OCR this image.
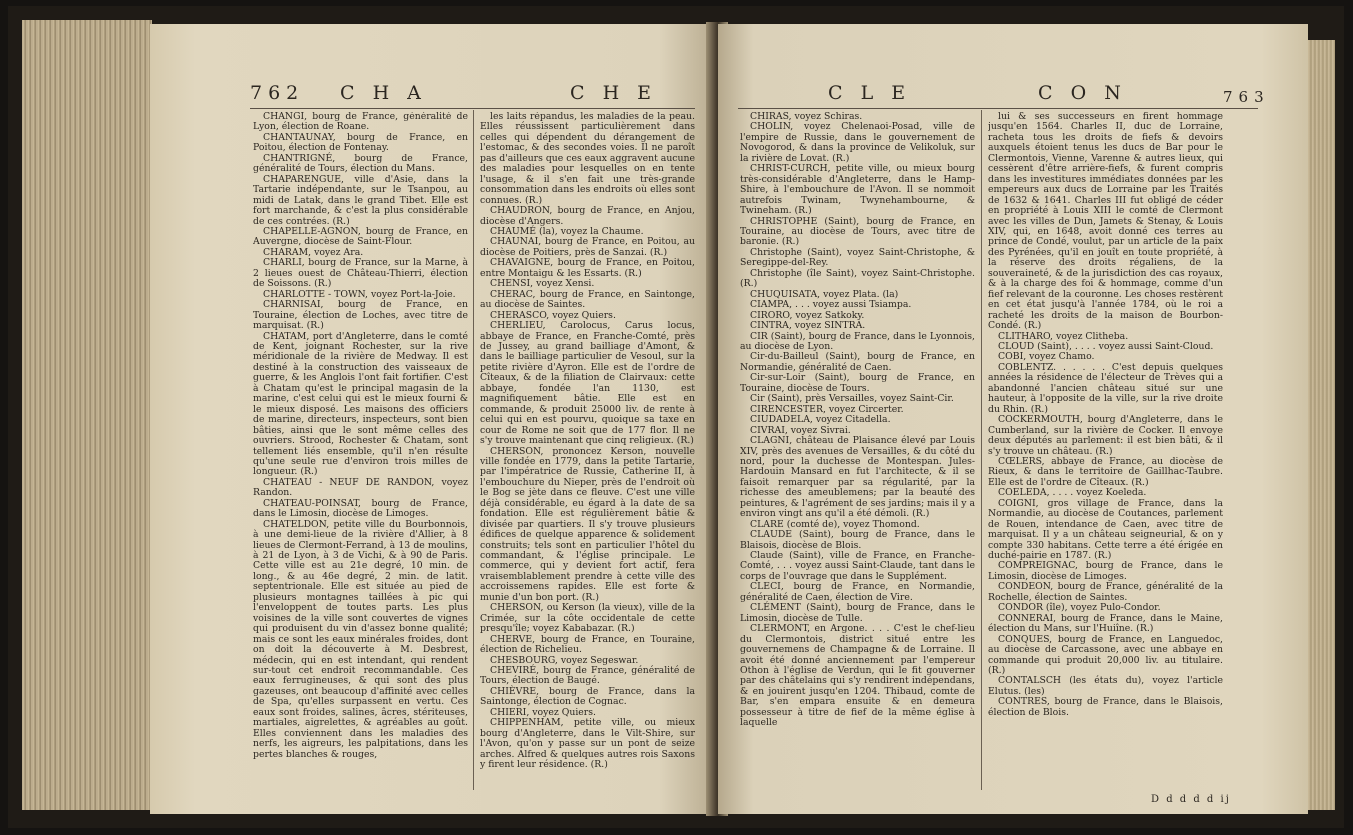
762 C H A	C H E

CHANGI, bourg de France, généralité de Lyon, élection de Roane.

CHANTAUNAY, bourg de France, en Poitou, élection de Fontenay.

CHANTRIGNÉ, bourg de France, généralité de Tours, élection du Mans.

CHAPARENGUE, ville d'Asie, dans la Tartarie indépendante, sur le Tsanpou, au midi de Latak, dans le grand Tibet. Elle est fort marchande, & c'est la plus considérable de ces contrées. (R.)

CHAPELLE-AGNON, bourg de France, en Auvergne, diocèse de Saint-Flour.

CHARAM, voyez Ara.

CHARLI, bourg de France, sur la Marne, à 2 lieues ouest de Château-Thierri, élection de Soissons. (R.)

CHARLOTTE - TOWN, voyez Port-la-Joie.

CHARNISAI, bourg de France, en Touraine, élection de Loches, avec titre de marquisat. (R.)

CHATAM, port d'Angleterre, dans le comté de Kent, joignant Rochester, sur la rive méridionale de la rivière de Medway. Il est destiné à la construction des vaisseaux de guerre, & les Anglois l'ont fait fortifier. C'est à Chatam qu'est le principal magasin de la marine, c'est celui qui est le mieux fourni & le mieux disposé. Les maisons des officiers de marine, directeurs, inspecteurs, sont bien bâties, ainsi que le sont même celles des ouvriers. Strood, Rochester & Chatam, sont tellement liés ensemble, qu'il n'en résulte qu'une seule rue d'environ trois milles de longueur. (R.)

CHATEAU - NEUF DE RANDON, voyez Randon.

CHATEAU-POINSAT, bourg de France, dans le Limosin, diocèse de Limoges.

CHATELDON, petite ville du Bourbonnois, à une demi-lieue de la rivière d'Allier, à 8 lieues de Clermont-Ferrand, à 13 de moulins, à 21 de Lyon, à 3 de Vichi, & à 90 de Paris. Cette ville est au 21e degré, 10 min. de long., & au 46e degré, 2 min. de latit. septentrionale. Elle est située au pied de plusieurs montagnes taillées à pic qui l'enveloppent de toutes parts. Les plus voisines de la ville sont couvertes de vignes qui produisent du vin d'assez bonne qualité; mais ce sont les eaux minérales froides, dont on doit la découverte à M. Desbrest, médecin, qui en est intendant, qui rendent sur-tout cet endroit recommandable. Ces eaux ferrugineuses, & qui sont des plus gazeuses, ont beaucoup d'affinité avec celles de Spa, qu'elles surpassent en vertu. Ces eaux sont froides, salines, âcres, stériteuses, martiales, aigrelettes, & agréables au goût. Elles conviennent dans les maladies des nerfs, les aigreurs, les palpitations, dans les pertes blanches & rouges,

les laits répandus, les maladies de la peau. Elles réussissent particulièrement dans celles qui dépendent du dérangement de l'estomac, & des secondes voies. Il ne paroît pas d'ailleurs que ces eaux aggravent aucune des maladies pour lesquelles on en tente l'usage, & il s'en fait une très-grande consommation dans les endroits où elles sont connues. (R.)

CHAUDRON, bourg de France, en Anjou, diocèse d'Angers.

CHAUMÉ (la), voyez la Chaume.

CHAUNAI, bourg de France, en Poitou, au diocèse de Poitiers, près de Sanzai. (R.)

CHAVAIGNE, bourg de France, en Poitou, entre Montaigu & les Essarts. (R.)

CHENSI, voyez Xensi.

CHERAC, bourg de France, en Saintonge, au diocèse de Saintes.

CHERASCO, voyez Quiers.

CHERLIEU, Carolocus, Carus locus, abbaye de France, en Franche-Comté, près de Jussey, au grand bailliage d'Amont, & dans le bailliage particulier de Vesoul, sur la petite rivière d'Ayron. Elle est de l'ordre de Cîteaux, & de la filiation de Clairvaux: cette abbaye, fondée l'an 1130, est magnifiquement bâtie. Elle est en commande, & produit 25000 liv. de rente à celui qui en est pourvu, quoique sa taxe en cour de Rome ne soit que de 177 flor. Il ne s'y trouve maintenant que cinq religieux. (R.)

CHERSON, prononcez Kerson, nouvelle ville fondée en 1779, dans la petite Tartarie, par l'impératrice de Russie, Catherine II, à l'embouchure du Nieper, près de l'endroit où le Bog se jète dans ce fleuve. C'est une ville déjà considérable, eu égard à la date de sa fondation. Elle est régulièrement bâtie & divisée par quartiers. Il s'y trouve plusieurs édifices de quelque apparence & solidement construits; tels sont en particulier l'hôtel du commandant, & l'église principale. Le commerce, qui y devient fort actif, fera vraisemblablement prendre à cette ville des accroissemens rapides. Elle est forte & munie d'un bon port. (R.)

CHERSON, ou Kerson (la vieux), ville de la Crimée, sur la côte occidentale de cette presqu'île; voyez Kababazar. (R.)

CHERVE, bourg de France, en Touraine, élection de Richelieu.

CHESBOURG, voyez Segeswar.

CHEVIRÉ, bourg de France, généralité de Tours, élection de Baugé.

CHIÈVRE, bourg de France, dans la Saintonge, élection de Cognac.

CHIERI, voyez Quiers.

CHIPPENHAM, petite ville, ou mieux bourg d'Angleterre, dans le Vilt-Shire, sur l'Avon, qu'on y passe sur un pont de seize arches. Alfred & quelques autres rois Saxons y firent leur résidence. (R.)

C L E	C O N	763

CHIRAS, voyez Schiras.

CHOLIN, voyez Chelenaoi-Posad, ville de l'empire de Russie, dans le gouvernement de Novogorod, & dans la province de Velikoluk, sur la rivière de Lovat. (R.)

CHRIST-CURCH, petite ville, ou mieux bourg très-considérable d'Angleterre, dans le Hamp-Shire, à l'embouchure de l'Avon. Il se nommoit autrefois Twinam, Twynehambourne, & Twineham. (R.)

CHRISTOPHE (Saint), bourg de France, en Touraine, au diocèse de Tours, avec titre de baronie. (R.)

Christophe (Saint), voyez Saint-Christophe, & Seregippe-del-Rey.

Christophe (île Saint), voyez Saint-Christophe. (R.)

CHUQUISATA, voyez Plata. (la)

CIAMPA, . . . voyez aussi Tsiampa.

CIRORO, voyez Satkoky.

CINTRA, voyez SINTRA.

CIR (Saint), bourg de France, dans le Lyonnois, au diocèse de Lyon.

Cir-du-Bailleul (Saint), bourg de France, en Normandie, généralité de Caen.

Cir-sur-Loir (Saint), bourg de France, en Touraine, diocèse de Tours.

Cir (Saint), près Versailles, voyez Saint-Cir.

CIRENCESTER, voyez Circerter.

CIUDADELA, voyez Citadella.

CIVRAI, voyez Sivrai.

CLAGNI, château de Plaisance élevé par Louis XIV, près des avenues de Versailles, & du côté du nord, pour la duchesse de Montespan. Jules-Hardouin Mansard en fut l'architecte, & il se faisoit remarquer par sa régularité, par la richesse des ameublemens; par la beauté des peintures, & l'agrément de ses jardins; mais il y a environ vingt ans qu'il a été démoli. (R.)

CLARE (comté de), voyez Thomond.

CLAUDE (Saint), bourg de France, dans le Blaisois, diocèse de Blois.

Claude (Saint), ville de France, en Franche-Comté, . . . voyez aussi Saint-Claude, tant dans le corps de l'ouvrage que dans le Supplément.

CLECI, bourg de France, en Normandie, généralité de Caen, élection de Vire.

CLÉMENT (Saint), bourg de France, dans le Limosin, diocèse de Tulle.

CLERMONT, en Argone. . . . C'est le chef-lieu du Clermontois, district situé entre les gouvernemens de Champagne & de Lorraine. Il avoit été donné anciennement par l'empereur Othon à l'église de Verdun, qui le fit gouverner par des châtelains qui s'y rendirent indépendans, & en jouirent jusqu'en 1204. Thibaud, comte de Bar, s'en empara ensuite & en demeura possesseur à titre de fief de la même église à laquelle

lui & ses successeurs en firent hommage jusqu'en 1564. Charles II, duc de Lorraine, racheta tous les droits de fiefs & devoirs auxquels étoient tenus les ducs de Bar pour le Clermontois, Vienne, Varenne & autres lieux, qui cessèrent d'être arrière-fiefs, & furent compris dans les investitures immédiates données par les empereurs aux ducs de Lorraine par les Traités de 1632 & 1641. Charles III fut obligé de céder en propriété à Louis XIII le comté de Clermont avec les villes de Dun, Jamets & Stenay, & Louis XIV, qui, en 1648, avoit donné ces terres au prince de Condé, voulut, par un article de la paix des Pyrénées, qu'il en jouît en toute propriété, à la réserve des droits régaliens, de la souveraineté, & de la jurisdiction des cas royaux, & à la charge des foi & hommage, comme d'un fief relevant de la couronne. Les choses restèrent en cet état jusqu'à l'année 1784, où le roi a racheté les droits de la maison de Bourbon-Condé. (R.)

CLITHARO, voyez Clitheba.

CLOUD (Saint), . . . . voyez aussi Saint-Cloud.

COBI, voyez Chamo.

COBLENTZ. . . . . . C'est depuis quelques années la résidence de l'électeur de Trèves qui a abandonné l'ancien château situé sur une hauteur, à l'opposite de la ville, sur la rive droite du Rhin. (R.)

COCKERMOUTH, bourg d'Angleterre, dans le Cumberland, sur la rivière de Cocker. Il envoye deux députés au parlement: il est bien bâti, & il s'y trouve un château. (R.)

CŒLERS, abbaye de France, au diocèse de Rieux, & dans le territoire de Gaillhac-Taubre. Elle est de l'ordre de Cîteaux. (R.)

COELEDA, . . . . voyez Koeleda.

COIGNI, gros village de France, dans la Normandie, au diocèse de Coutances, parlement de Rouen, intendance de Caen, avec titre de marquisat. Il y a un château seigneurial, & on y compte 330 habitans. Cette terre a été érigée en duché-pairie en 1787. (R.)

COMPREIGNAC, bourg de France, dans le Limosin, diocèse de Limoges.

CONDEON, bourg de France, généralité de la Rochelle, élection de Saintes.

CONDOR (île), voyez Pulo-Condor.

CONNERAI, bourg de France, dans le Maine, élection du Mans, sur l'Huiîne. (R.)

CONQUES, bourg de France, en Languedoc, au diocèse de Carcassone, avec une abbaye en commande qui produit 20,000 liv. au titulaire. (R.)

CONTALSCH (les états du), voyez l'article Elutus. (les)

CONTRES, bourg de France, dans le Blaisois, élection de Blois.

D d d d d ij
